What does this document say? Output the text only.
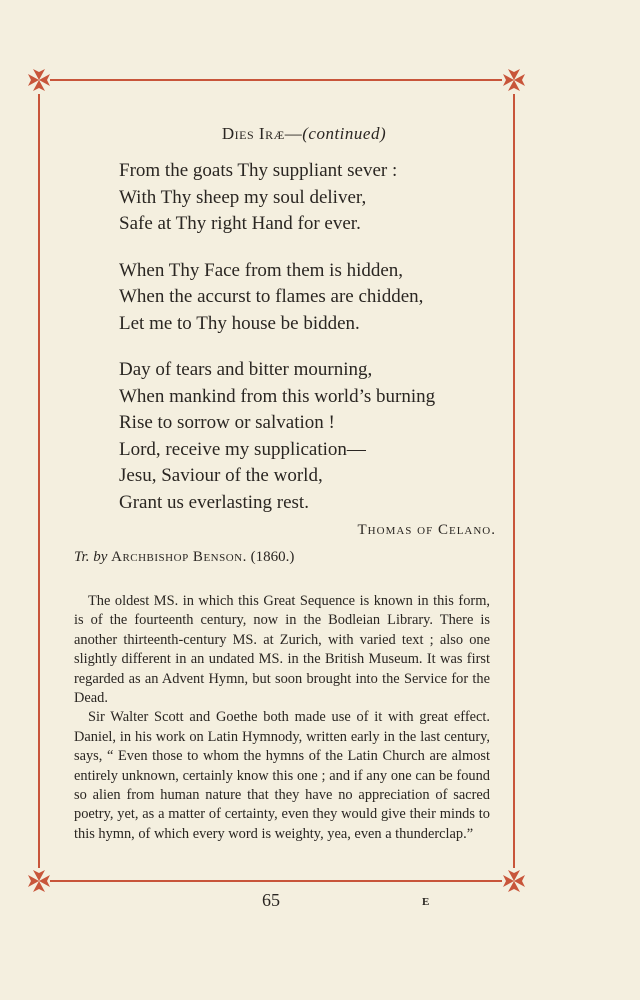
Dies Iræ—(continued)
From the goats Thy suppliant sever :
With Thy sheep my soul deliver,
Safe at Thy right Hand for ever.
When Thy Face from them is hidden,
When the accurst to flames are chidden,
Let me to Thy house be bidden.
Day of tears and bitter mourning,
When mankind from this world’s burning
Rise to sorrow or salvation !
Lord, receive my supplication—
Jesu, Saviour of the world,
Grant us everlasting rest.
Thomas of Celano.
Tr. by Archbishop Benson. (1860.)

The oldest MS. in which this Great Sequence is known in this form, is of the fourteenth century, now in the Bodleian Library. There is another thirteenth-century MS. at Zurich, with varied text ; also one slightly different in an undated MS. in the British Museum. It was first regarded as an Advent Hymn, but soon brought into the Service for the Dead.

Sir Walter Scott and Goethe both made use of it with great effect. Daniel, in his work on Latin Hymnody, written early in the last century, says, “ Even those to whom the hymns of the Latin Church are almost entirely unknown, certainly know this one ; and if any one can be found so alien from human nature that they have no appreciation of sacred poetry, yet, as a matter of certainty, even they would give their minds to this hymn, of which every word is weighty, yea, even a thunderclap.”

65	E
